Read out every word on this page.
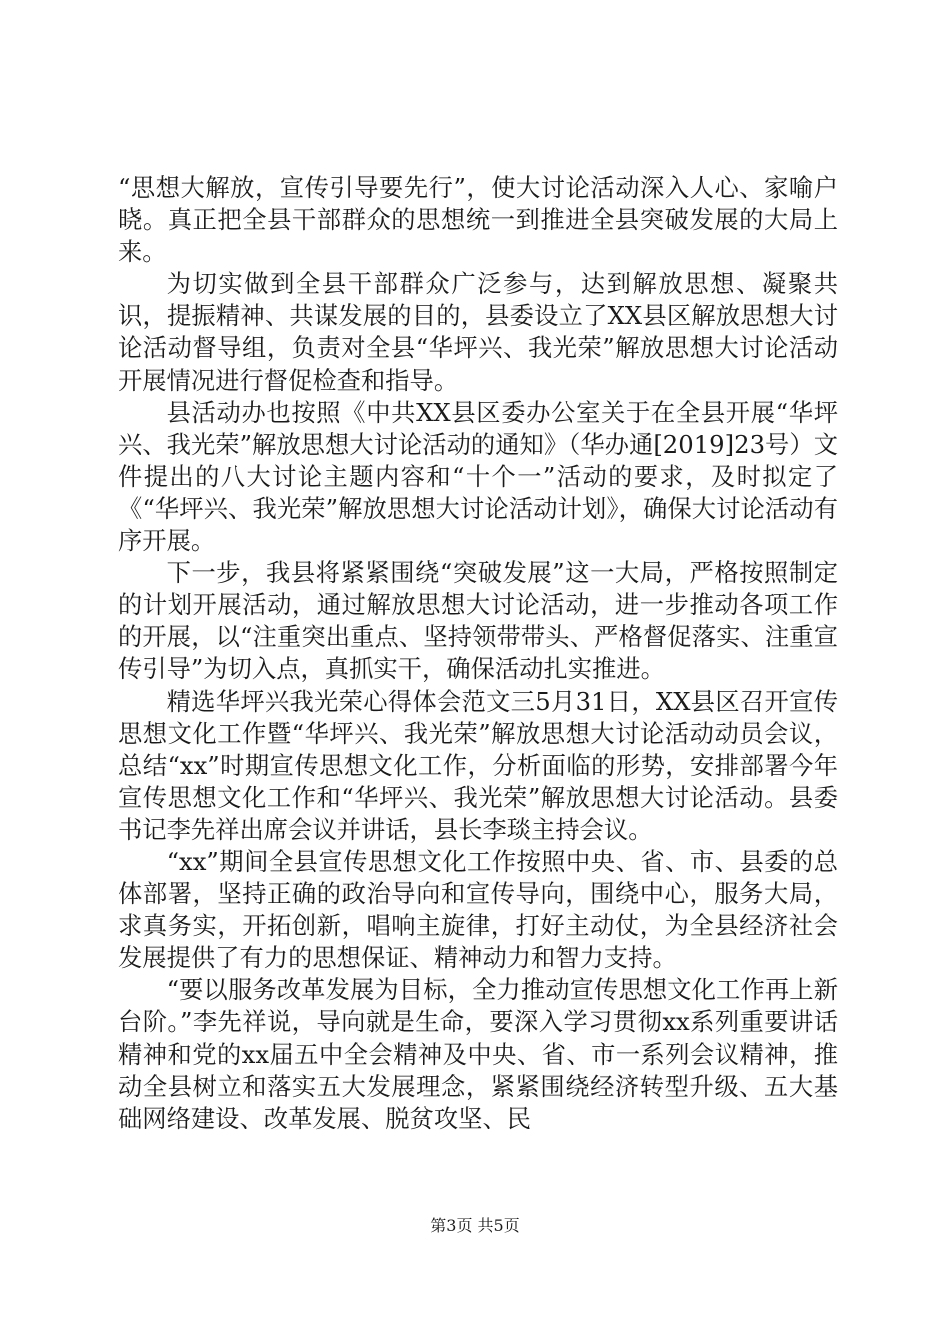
“思想大解放，宣传引导要先行”，使大讨论活动深入人心、家喻户晓。真正把全县干部群众的思想统一到推进全县突破发展的大局上来。

为切实做到全县干部群众广泛参与，达到解放思想、凝聚共识，提振精神、共谋发展的目的，县委设立了XX县区解放思想大讨论活动督导组，负责对全县“华坪兴、我光荣”解放思想大讨论活动开展情况进行督促检查和指导。

县活动办也按照《中共XX县区委办公室关于在全县开展“华坪兴、我光荣”解放思想大讨论活动的通知》（华办通[2019]23号）文件提出的八大讨论主题内容和“十个一”活动的要求，及时拟定了《“华坪兴、我光荣”解放思想大讨论活动计划》，确保大讨论活动有序开展。

下一步，我县将紧紧围绕“突破发展”这一大局，严格按照制定的计划开展活动，通过解放思想大讨论活动，进一步推动各项工作的开展，以“注重突出重点、坚持领带带头、严格督促落实、注重宣传引导”为切入点，真抓实干，确保活动扎实推进。

精选华坪兴我光荣心得体会范文三5月31日，XX县区召开宣传思想文化工作暨“华坪兴、我光荣”解放思想大讨论活动动员会议，总结“xx”时期宣传思想文化工作，分析面临的形势，安排部署今年宣传思想文化工作和“华坪兴、我光荣”解放思想大讨论活动。县委书记李先祥出席会议并讲话，县长李琰主持会议。

“xx”期间全县宣传思想文化工作按照中央、省、市、县委的总体部署，坚持正确的政治导向和宣传导向，围绕中心，服务大局，求真务实，开拓创新，唱响主旋律，打好主动仗，为全县经济社会发展提供了有力的思想保证、精神动力和智力支持。

“要以服务改革发展为目标，全力推动宣传思想文化工作再上新台阶。”李先祥说，导向就是生命，要深入学习贯彻xx系列重要讲话精神和党的xx届五中全会精神及中央、省、市一系列会议精神，推动全县树立和落实五大发展理念，紧紧围绕经济转型升级、五大基础网络建设、改革发展、脱贫攻坚、民

第3页 共5页
